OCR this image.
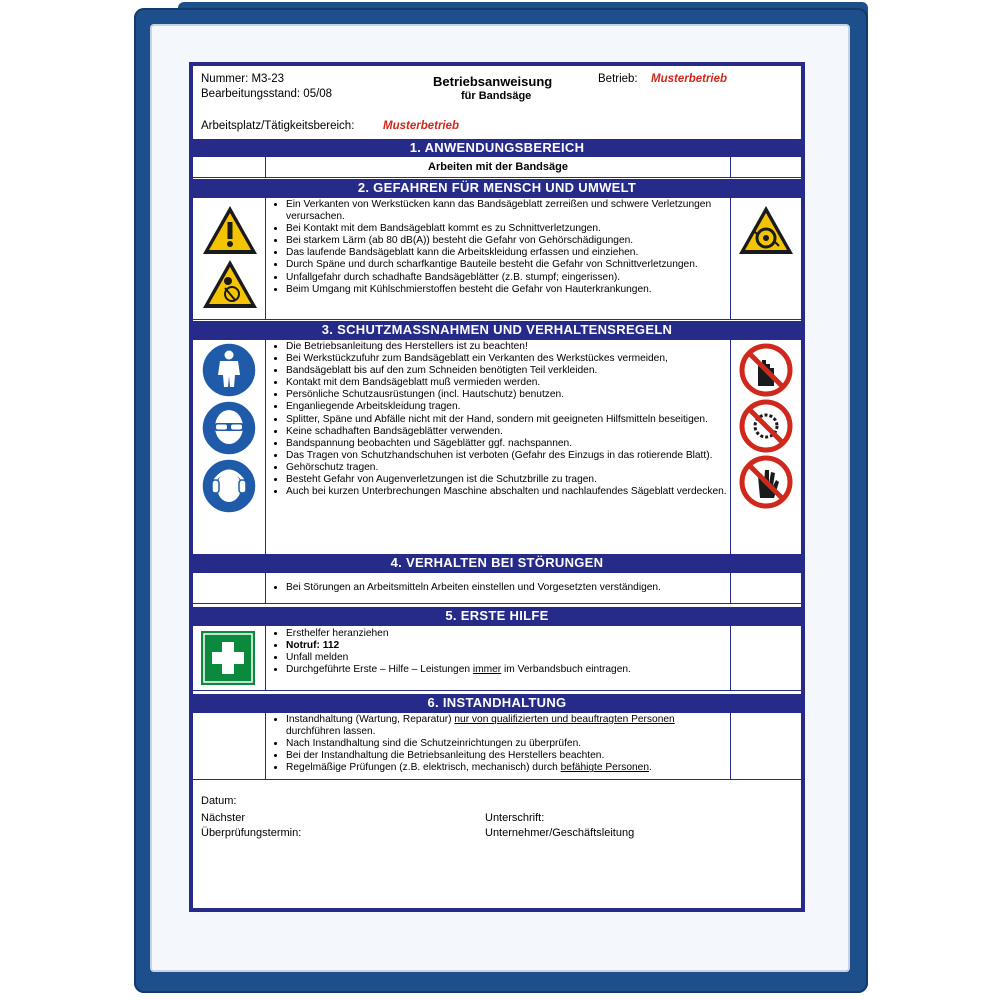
Nummer: M3-23
Bearbeitungsstand: 05/08
Betriebsanweisung
für Bandsäge
Betrieb: Musterbetrieb
Arbeitsplatz/Tätigkeitsbereich: Musterbetrieb
1. ANWENDUNGSBEREICH
Arbeiten mit der Bandsäge
2. GEFAHREN FÜR MENSCH UND UMWELT
• Ein Verkanten von Werkstücken kann das Bandsägeblatt zerreißen und schwere Verletzungen verursachen.
• Bei Kontakt mit dem Bandsägeblatt kommt es zu Schnittverletzungen.
• Bei starkem Lärm (ab 80 dB(A)) besteht die Gefahr von Gehörschädigungen.
• Das laufende Bandsägeblatt kann die Arbeitskleidung erfassen und einziehen.
• Durch Späne und durch scharfkantige Bauteile besteht die Gefahr von Schnittverletzungen.
• Unfallgefahr durch schadhafte Bandsägeblätter (z.B. stumpf; eingerissen).
• Beim Umgang mit Kühlschmierstoffen besteht die Gefahr von Hauterkrankungen.
3. SCHUTZMASSNAHMEN UND VERHALTENSREGELN
• Die Betriebsanleitung des Herstellers ist zu beachten!
• Bei Werkstückzufuhr zum Bandsägeblatt ein Verkanten des Werkstückes vermeiden,
• Bandsägeblatt bis auf den zum Schneiden benötigten Teil verkleiden.
• Kontakt mit dem Bandsägeblatt muß vermieden werden.
• Persönliche Schutzausrüstungen (incl. Hautschutz) benutzen.
• Enganliegende Arbeitskleidung tragen.
• Splitter, Späne und Abfälle nicht mit der Hand, sondern mit geeigneten Hilfsmitteln beseitigen.
• Keine schadhaften Bandsägeblätter verwenden.
• Bandspannung beobachten und Sägeblätter ggf. nachspannen.
• Das Tragen von Schutzhandschuhen ist verboten (Gefahr des Einzugs in das rotierende Blatt).
• Gehörschutz tragen.
• Besteht Gefahr von Augenverletzungen ist die Schutzbrille zu tragen.
• Auch bei kurzen Unterbrechungen Maschine abschalten und nachlaufendes Sägeblatt verdecken.
4. VERHALTEN BEI STÖRUNGEN
• Bei Störungen an Arbeitsmitteln Arbeiten einstellen und Vorgesetzten verständigen.
5. ERSTE HILFE
• Ersthelfer heranziehen
• Notruf: 112
• Unfall melden
• Durchgeführte Erste – Hilfe – Leistungen immer im Verbandsbuch eintragen.
6. INSTANDHALTUNG
• Instandhaltung (Wartung, Reparatur) nur von qualifizierten und beauftragten Personen durchführen lassen.
• Nach Instandhaltung sind die Schutzeinrichtungen zu überprüfen.
• Bei der Instandhaltung die Betriebsanleitung des Herstellers beachten.
• Regelmäßige Prüfungen (z.B. elektrisch, mechanisch) durch befähigte Personen.
Datum:
Nächster
Überprüfungstermin:
Unterschrift:
Unternehmer/Geschäftsleitung
